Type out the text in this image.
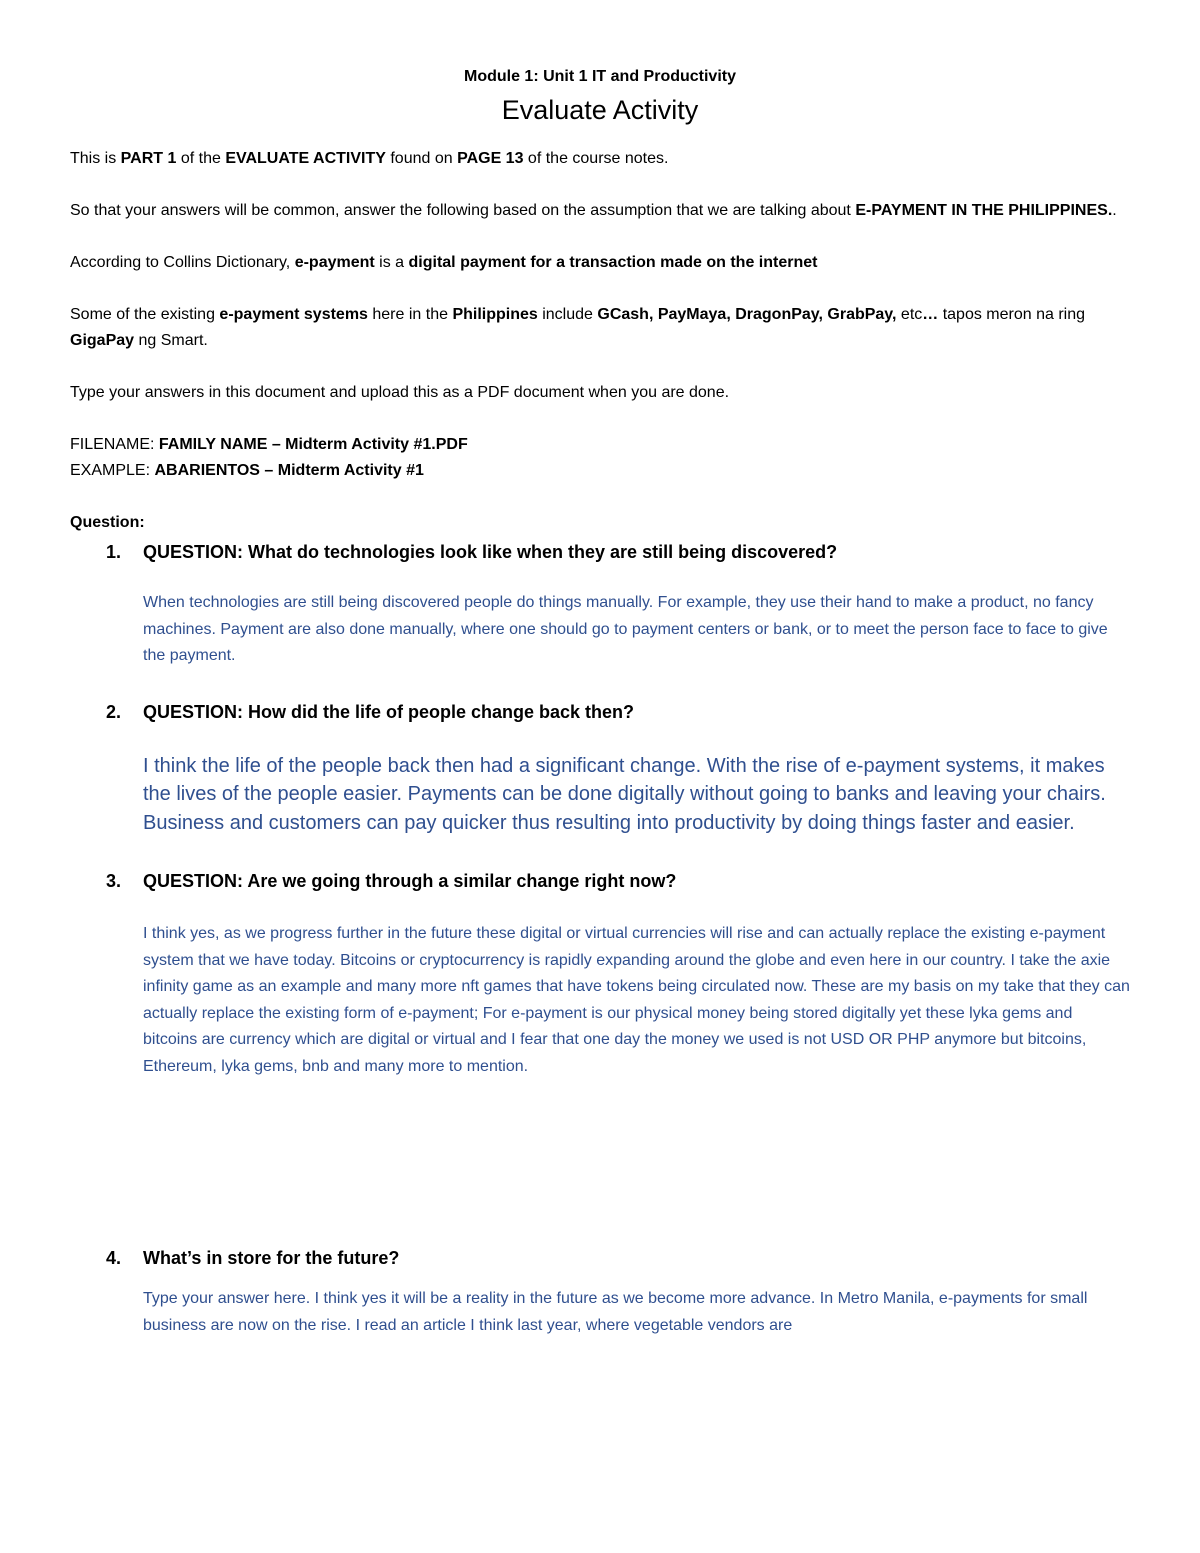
Module 1: Unit 1 IT and Productivity

Evaluate Activity

This is PART 1 of the EVALUATE ACTIVITY found on PAGE 13 of the course notes.

So that your answers will be common, answer the following based on the assumption that we are talking about E-PAYMENT IN THE PHILIPPINES..

According to Collins Dictionary, e-payment is a digital payment for a transaction made on the internet

Some of the existing e-payment systems here in the Philippines include GCash, PayMaya, DragonPay, GrabPay, etc… tapos meron na ring GigaPay ng Smart.

Type your answers in this document and upload this as a PDF document when you are done.

FILENAME: FAMILY NAME – Midterm Activity #1.PDF

EXAMPLE: ABARIENTOS – Midterm Activity #1

Question:

1. QUESTION: What do technologies look like when they are still being discovered?
When technologies are still being discovered people do things manually. For example, they use their hand to make a product, no fancy machines. Payment are also done manually, where one should go to payment centers or bank, or to meet the person face to face to give the payment.
2. QUESTION: How did the life of people change back then?
I think the life of the people back then had a significant change. With the rise of e-payment systems, it makes the lives of the people easier. Payments can be done digitally without going to banks and leaving your chairs. Business and customers can pay quicker thus resulting into productivity by doing things faster and easier.
3. QUESTION: Are we going through a similar change right now?
I think yes, as we progress further in the future these digital or virtual currencies will rise and can actually replace the existing e-payment system that we have today. Bitcoins or cryptocurrency is rapidly expanding around the globe and even here in our country. I take the axie infinity game as an example and many more nft games that have tokens being circulated now. These are my basis on my take that they can actually replace the existing form of e-payment; For e-payment is our physical money being stored digitally yet these lyka gems and bitcoins are currency which are digital or virtual and I fear that one day the money we used is not USD OR PHP anymore but bitcoins, Ethereum, lyka gems, bnb and many more to mention.
4. What’s in store for the future?
Type your answer here. I think yes it will be a reality in the future as we become more advance. In Metro Manila, e-payments for small business are now on the rise. I read an article I think last year, where vegetable vendors are
